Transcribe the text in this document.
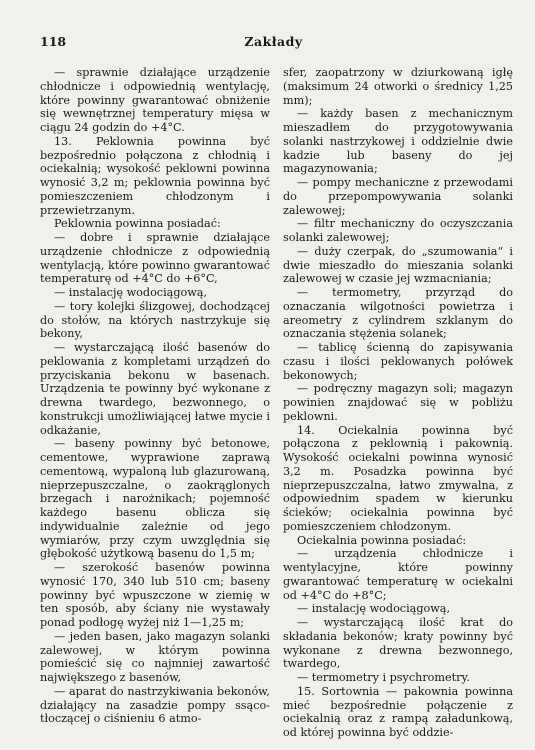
118	Zakłady

— sprawnie działające urządzenie chłodnicze i odpowiednią wentylację, które powinny gwarantować obniżenie się wewnętrznej temperatury mięsa w ciągu 24 godzin do +4°C.

13. Peklownia powinna być bezpośrednio połączona z chłodnią i ociekalnią; wysokość peklowni powinna wynosić 3,2 m; peklownia powinna być pomieszczeniem chłodzonym i przewietrzanym.

Peklownia powinna posiadać:

— dobre i sprawnie działające urządzenie chłodnicze z odpowiednią wentylacją, które powinno gwarantować temperaturę od +4°C do +6°C,

— instalację wodociągową,

— tory kolejki ślizgowej, dochodzącej do stołów, na których nastrzykuje się bekony,

— wystarczającą ilość basenów do peklowania z kompletami urządzeń do przyciskania bekonu w basenach. Urządzenia te powinny być wykonane z drewna twardego, bezwonnego, o konstrukcji umożliwiającej łatwe mycie i odkażanie,

— baseny powinny być betonowe, cementowe, wyprawione zaprawą cementową, wypaloną lub glazurowaną, nieprzepuszczalne, o zaokrąglonych brzegach i narożnikach; pojemność każdego basenu oblicza się indywidualnie zależnie od jego wymiarów, przy czym uwzględnia się głębokość użytkową basenu do 1,5 m;

— szerokość basenów powinna wynosić 170, 340 lub 510 cm; baseny powinny być wpuszczone w ziemię w ten sposób, aby ściany nie wystawały ponad podłogę wyżej niż 1—1,25 m;

— jeden basen, jako magazyn solanki zalewowej, w którym powinna pomieścić się co najmniej zawartość największego z basenów,

— aparat do nastrzykiwania bekonów, działający na zasadzie pompy ssąco-tłoczącej o ciśnieniu 6 atmo-

sfer, zaopatrzony w dziurkowaną igłę (maksimum 24 otworki o średnicy 1,25 mm);

— każdy basen z mechanicznym mieszadłem do przygotowywania solanki nastrzykowej i oddzielnie dwie kadzie lub baseny do jej magazynowania;

— pompy mechaniczne z przewodami do przepompowywania solanki zalewowej;

— filtr mechaniczny do oczyszczania solanki zalewowej;

— duży czerpak, do „szumowania“ i dwie mieszadło do mieszania solanki zalewowej w czasie jej wzmacniania;

— termometry, przyrząd do oznaczania wilgotności powietrza i areometry z cylindrem szklanym do oznaczania stężenia solanek;

— tablicę ścienną do zapisywania czasu i ilości peklowanych połówek bekonowych;

— podręczny magazyn soli; magazyn powinien znajdować się w pobliżu peklowni.

14. Ociekalnia powinna być połączona z peklownią i pakownią. Wysokość ociekalni powinna wynosić 3,2 m. Posadzka powinna być nieprzepuszczalna, łatwo zmywalna, z odpowiednim spadem w kierunku ścieków; ociekalnia powinna być pomieszczeniem chłodzonym.

Ociekalnia powinna posiadać:

— urządzenia chłodnicze i wentylacyjne, które powinny gwarantować temperaturę w ociekalni od +4°C do +8°C;

— instalację wodociągową,

— wystarczającą ilość krat do składania bekonów; kraty powinny być wykonane z drewna bezwonnego, twardego,

— termometry i psychrometry.

15. Sortownia — pakownia powinna mieć bezpośrednie połączenie z ociekalnią oraz z rampą załadunkową, od której powinna być oddzie-
